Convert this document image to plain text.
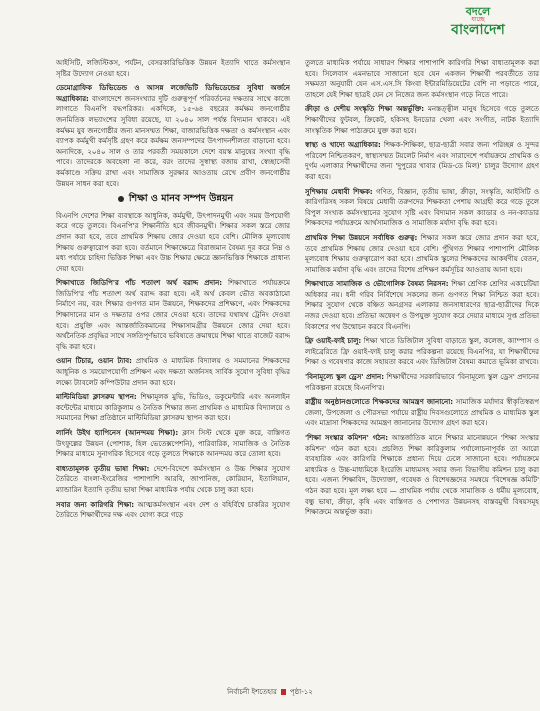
বদলে
যাচ্ছে
বাংলাদেশ

আইসিটি, লজিস্টিকস, পর্যটন, বেসরকারিভিত্তিক উন্নয়ন ইত্যাদি খাতে কর্মসংস্থান সৃষ্টির উদ্যোগ নেওয়া হবে।

ডেমোগ্রাফিক ডিভিডেন্ড ও আসন্ন লজেভিটি ডিভিডেন্ডের সুবিধা অর্জনে অগ্রাধিকার: বাংলাদেশে জনসংখ্যার দুটি গুরুত্বপূর্ণ পরিবর্তনের দক্ষতার সাথে কাজে লাগাতে বিএনপি বদ্ধপরিকর। একদিকে, ১৫-৬৪ বছরের কর্মক্ষম জনগোষ্ঠীর জনমিতিক লভ্যাংশের সুবিধা রয়েছে, যা ২০৪০ সাল পর্যন্ত বিদ্যমান থাকবে। এই কর্মক্ষম যুব জনগোষ্ঠীর জন্য মানসম্মত শিক্ষা, বাজারভিত্তিক দক্ষতা ও কর্মসংস্থান এবং ব্যাপক কর্মমুখী কর্মসৃষ্টি গ্রহণ করে কর্মক্ষম জনসম্পদের উৎপাদনশীলতা বাড়ানো হবে। অন্যদিকে, ২০৪০ সাল ও তার পরবর্তী সময়কালে দেশে বয়স্ক মানুষের সংখ্যা বৃদ্ধি পাবে। তাদেরকে অবহেলা না করে, বরং তাদের সুস্বাস্থ্য বজায় রাখা, স্বেচ্ছাসেবী কর্মকাণ্ডে সক্রিয় রাখা এবং সামাজিক সুরক্ষার আওতায় রেখে প্রবীণ জনগোষ্ঠীর উন্নয়ন সাধন করা হবে।

শিক্ষা ও মানব সম্পদ উন্নয়ন

বিএনপি দেশের শিক্ষা ব্যবস্থাকে আধুনিক, কর্মমুখী, উৎপাদনমুখী এবং সময় উপযোগী করে গড়ে তুলবে। বিএনপি'র শিক্ষানীতি হবে জীবনমুখী। শিক্ষার সকল স্তরে জোর প্রদান করা হবে, তবে প্রাথমিক শিক্ষায় জোর দেওয়া হবে বেশি। মৌলিক মূল্যবোধ শিক্ষায় গুরুত্বারোপ করা হবে। বর্তমানে শিক্ষাক্ষেত্রে বিরাজমান বৈষম্য দূর করে নিম্ন ও মধ্য পর্যায়ে চাহিদা ভিত্তিক শিক্ষা এবং উচ্চ শিক্ষার ক্ষেত্রে জ্ঞানভিত্তিক শিক্ষাকে প্রাধান্য দেয়া হবে।

শিক্ষাখাতে জিডিপি'র পাঁচ শতাংশ অর্থ বরাদ্দ প্রদান: শিক্ষাখাতে পর্যায়ক্রমে জিডিপি'র পাঁচ শতাংশ অর্থ বরাদ্দ করা হবে। এই অর্থ কেবল ভৌত অবকাঠামো নির্মাণে নয়, বরং শিক্ষার গুণগত মান উন্নয়নে, শিক্ষকদের প্রশিক্ষণে, এবং শিক্ষকদের শিক্ষাদানের মান ও দক্ষতার ওপর জোর দেওয়া হবে। তাদের যথাযথ ট্রেনিং দেওয়া হবে। প্রযুক্তি এবং আন্তর্জাতিকমানের শিক্ষাসামগ্রীর উন্নয়নে জোর দেয়া হবে। অর্থনৈতিক প্রবৃদ্ধির সাথে সঙ্গতিপূর্ণভাবে ভবিষ্যতে ক্রমান্বয়ে শিক্ষা খাতে বাজেট বরাদ্দ বৃদ্ধি করা হবে।

ওয়ান টিচার, ওয়ান ট্যাব: প্রাথমিক ও মাধ্যমিক বিদ্যালয় ও সমমানের শিক্ষকদের আধুনিক ও সময়োপযোগী প্রশিক্ষণ এবং দক্ষতা অর্জনসহ সার্বিক সুযোগ সুবিধা বৃদ্ধির লক্ষ্যে ট্যাবলেট কম্পিউটার প্রদান করা হবে।

মাল্টিমিডিয়া ক্লাসরুম স্থাপন: শিক্ষামূলক মুভি, ভিডিও, ডকুমেন্টারি এবং অনলাইন কন্টেন্টের মাধ্যমে কারিকুলাম ও নৈতিক শিক্ষার জন্য প্রাথমিক ও মাধ্যমিক বিদ্যালয়ে ও সমমানের শিক্ষা প্রতিষ্ঠানে মাল্টিমিডিয়া ক্লাসরুম স্থাপন করা হবে।

লার্নিং উইথ হ্যাপিনেস (আনন্দময় শিক্ষা): ক্লাস সিস্ট থেকে মুক্ত করে, বাস্তিগত উৎফুল্লের উন্নয়ন (পোশাক, হিল ভেতেক্সপেশনি), পারিবারিক, সামাজিক ও নৈতিক শিক্ষার মাধ্যমে সুনাগরিক হিসেবে গড়ে তুলতে শিক্ষাকে আনন্দময় করে তোলা হবে।

বাধ্যতামূলক তৃতীয় ভাষা শিক্ষা: দেশে-বিদেশে কর্মসংস্থান ও উচ্চ শিক্ষার সুযোগ তৈরিতে বাংলা-ইংরেজির পাশাপাশি আরবি, জাপানিজ, কোরিয়ান, ইতালিয়ান, ম্যান্ডারিন ইত্যাদি তৃতীয় ভাষা শিক্ষা মাধ্যমিক পর্যায় থেকে চালু করা হবে।

সবার জন্য কারিগরি শিক্ষা: আত্মকর্মসংস্থান এবং দেশ ও বহির্বিশ্বে চাকরির সুযোগ তৈরিতে শিক্ষার্থীদের দক্ষ এবং যোগ্য করে গড়ে

তুলতে মাধ্যমিক পর্যায়ে সাধারণ শিক্ষার পাশাপাশি কারিগরি শিক্ষা বাধ্যতামূলক করা হবে। সিলেবাস এমনভাবে সাজানো হবে যেন একজন শিক্ষার্থী পরবর্তীতে তার সক্ষমতা অনুযায়ী যেন এস.এস.সি কিংবা ইন্টারমিডিয়েটের বেশি না পড়াতে পারে, তাহলে যেই শিক্ষা ছাত্রই যেন সে নিজের জন্য কর্মসংস্থান গড়ে নিতে পারে।

ক্রীড়া ও দেশীয় সংস্কৃতি শিক্ষা অন্তর্ভুক্তি: মনস্তত্ত্বীল মানুষ হিসেবে গড়ে তুলতে শিক্ষার্থীদের ফুটবল, ক্রিকেট, হকিসহ ইনডোর খেলা এবং সংগীত, নাটক ইত্যাদি সাংস্কৃতিক শিক্ষা পাঠ্যক্রমে যুক্ত করা হবে।

স্বাস্থ্য ও খাদ্যে অগ্রাধিকার: শিক্ষক-শিক্ষিকা, ছাত্র-ছাত্রী সবার জন্য পরিচ্ছন্ন ও সুন্দর পরিবেশ নিশ্চিতকরণ, স্বাস্থ্যসম্মত টয়লেট নির্মাণ এবং সারাদেশে পর্যায়ক্রমে প্রাথমিক ও দুর্গম এলাকার শিক্ষার্থীদের জন্য 'দুপুরের খাবার (মিড-ডে মিল)' চালুর উদ্যোগ গ্রহণ করা হবে।

সুশিক্ষায় মেধাবী শিক্ষক: গণিত, বিজ্ঞান, তৃতীয় ভাষা, ক্রীড়া, সংস্কৃতি, আইসিটি ও কারিগরিসহ সকল বিষয়ে মেধাবী তরুণদের শিক্ষকতা পেশায় আগ্রহী করে গড়ে তুলে বিপুল সংখ্যক কর্মসংস্থানের সুযোগ সৃষ্টি এবং বিদ্যমান সকল ক্যাডার ও নন-ক্যাডার শিক্ষকদের পর্যায়ক্রমে আর্থসামাজিক ও সামাজিক মর্যাদা বৃদ্ধি করা হবে।

প্রাথমিক শিক্ষা উন্নয়নে সর্বাধিক গুরুত্ব: শিক্ষার সকল স্তরে জোর প্রদান করা হবে, তবে প্রাথমিক শিক্ষায় জোর দেওয়া হবে বেশি। পুঁথিগত শিক্ষার পাশাপাশি মৌলিক মূল্যবোধ শিক্ষায় গুরুত্বারোপ করা হবে। প্রাথমিক স্কুলের শিক্ষকদের আকর্ষণীয় বেতন, সামাজিক মর্যাদা বৃদ্ধি এবং তাদের বিশেষ প্রশিক্ষণ কর্মসূচির আওতায় আনা হবে।

শিক্ষাখাতে সামাজিক ও ভৌগোলিক বৈষম্য নিরসন: শিক্ষা শ্রেণিক শ্রেণির একচেটিয়া অধিকার নয়। ধনী গরিব নির্বিশেষে সকলের জন্য গুণগত শিক্ষা নিশ্চিত করা হবে। শিক্ষার সুযোগ থেকে বঞ্চিত অনগ্রসর এলাকার জনসাধারণের ছাত্র-ছাত্রীদের দিকে নজর দেওয়া হবে। প্রতিভা অন্বেষণ ও উপযুক্ত সুযোগ করে দেয়ার মাধ্যমে সুপ্ত প্রতিভা বিকাশের পথ উন্মোচন করবে বিএনপি।

ফ্রি ওয়াই-ফাই চালু: শিক্ষা খাতে ডিজিটাল সুবিধা বাড়াতে স্কুল, কলেজ, ক্যাম্পাস ও লাইব্রেরিতে ফ্রি ওয়াই-ফাই চালু করার পরিকল্পনা রয়েছে বিএনপির, যা শিক্ষার্থীদের শিক্ষা ও গবেষণার কাজে সহায়তা করবে এবং ডিজিটাল বৈষম্য কমাতে ভূমিকা রাখবে।

'বিনামূল্যে স্কুল ড্রেস' প্রদান: শিক্ষার্থীদের সরকারিভাবে 'বিনামূল্যে স্কুল ড্রেস' প্রদানের পরিকল্পনা রয়েছে বিএনপি'র।

রাষ্ট্রীয় অনুষ্ঠানগুলোতে শিক্ষকদের আমন্ত্রণ জানানো: সামাজিক মর্যাদার স্বীকৃতিস্বরূপ জেলা, উপজেলা ও পৌরসভা পর্যায়ে রাষ্ট্রীয় দিবসগুলোতে প্রাথমিক ও মাধ্যমিক স্কুল এবং মাদ্রাসা শিক্ষকদের আমন্ত্রণ জানানোর উদ্যোগ গ্রহণ করা হবে।

'শিক্ষা সংস্কার কমিশন' গঠন: আন্তর্জাতিক মানে শিক্ষার মানোন্নয়নে 'শিক্ষা সংস্কার কমিশন' গঠন করা হবে। প্রচলিত শিক্ষা কারিকুলাম পর্যালোচনাপূর্বক তা আরো ব্যবহারিক এবং কারিগরি শিক্ষাকে প্রধান্য দিয়ে ঢেলে সাজানো হবে। পর্যায়ক্রমে মাধ্যমিক ও উচ্চ-মাধ্যমিকে ইংরেজি মাধ্যমসহ সবার জন্য বিভাগীয় কমিশন চালু করা হবে। এজন্য শিক্ষাবিদ, উদ্যোক্তা, গবেষক ও বিশেষজ্ঞদের সমন্বয়ে 'বিশেষজ্ঞ কমিটি' গঠন করা হবে। মূল লক্ষ্য হবে — প্রাথমিক পর্যায় থেকে সামাজিক ও ধর্মীয় মূল্যবোধ, বন্ধু ভাষা, ক্রীড়া, কৃষি এবং বাস্তিগত ও পেশাগত উন্নয়নসহ বাস্তবমুখী বিষয়সমূহ শিক্ষাক্রমে অন্তর্ভুক্ত করা।

নির্বাচনী ইশতেহার পৃষ্ঠা-১২
